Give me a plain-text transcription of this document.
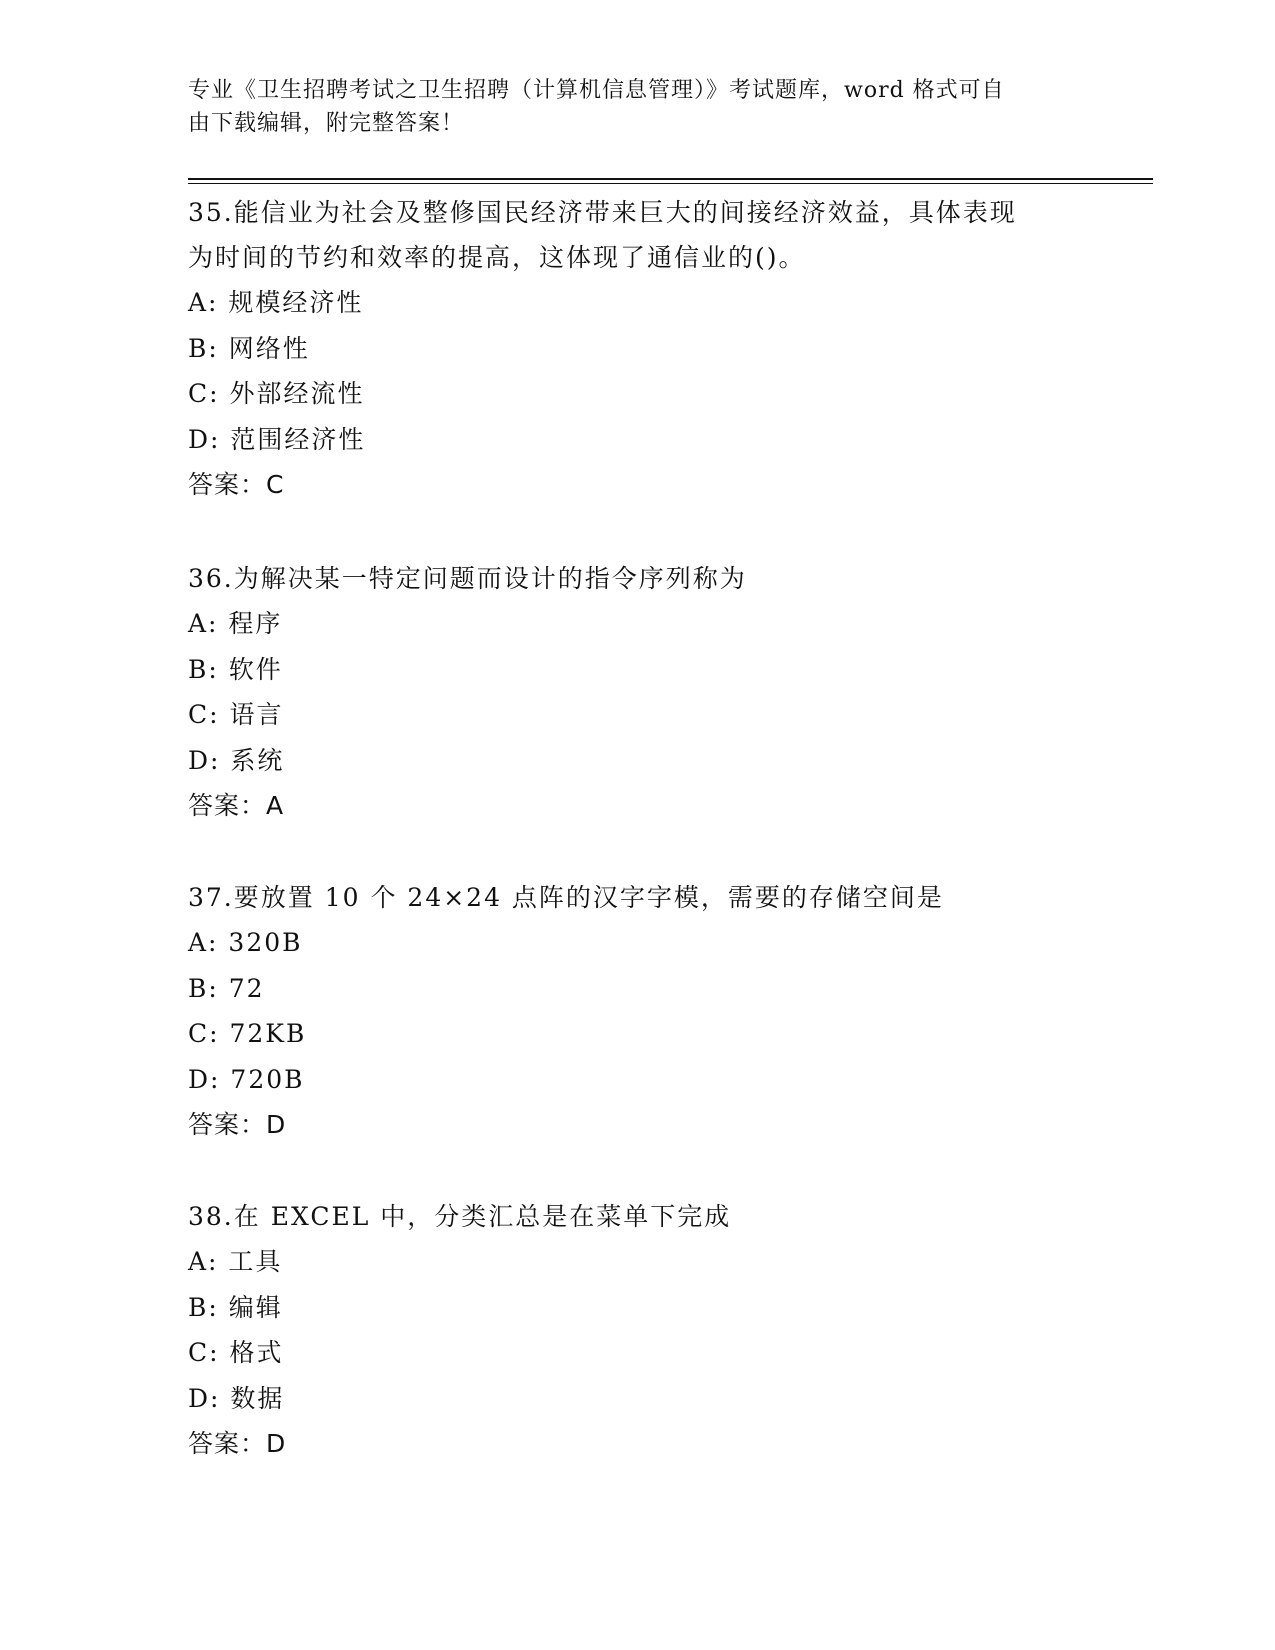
专业《卫生招聘考试之卫生招聘（计算机信息管理）》考试题库，word 格式可自
由下载编辑，附完整答案！
35.能信业为社会及整修国民经济带来巨大的间接经济效益，具体表现
为时间的节约和效率的提高，这体现了通信业的()。
A: 规模经济性
B: 网络性
C: 外部经流性
D: 范围经济性
答案：C
36.为解决某一特定问题而设计的指令序列称为
A: 程序
B: 软件
C: 语言
D: 系统
答案：A
37.要放置 10 个 24×24 点阵的汉字字模，需要的存储空间是
A: 320B
B: 72
C: 72KB
D: 720B
答案：D
38.在 EXCEL 中，分类汇总是在菜单下完成
A: 工具
B: 编辑
C: 格式
D: 数据
答案：D
